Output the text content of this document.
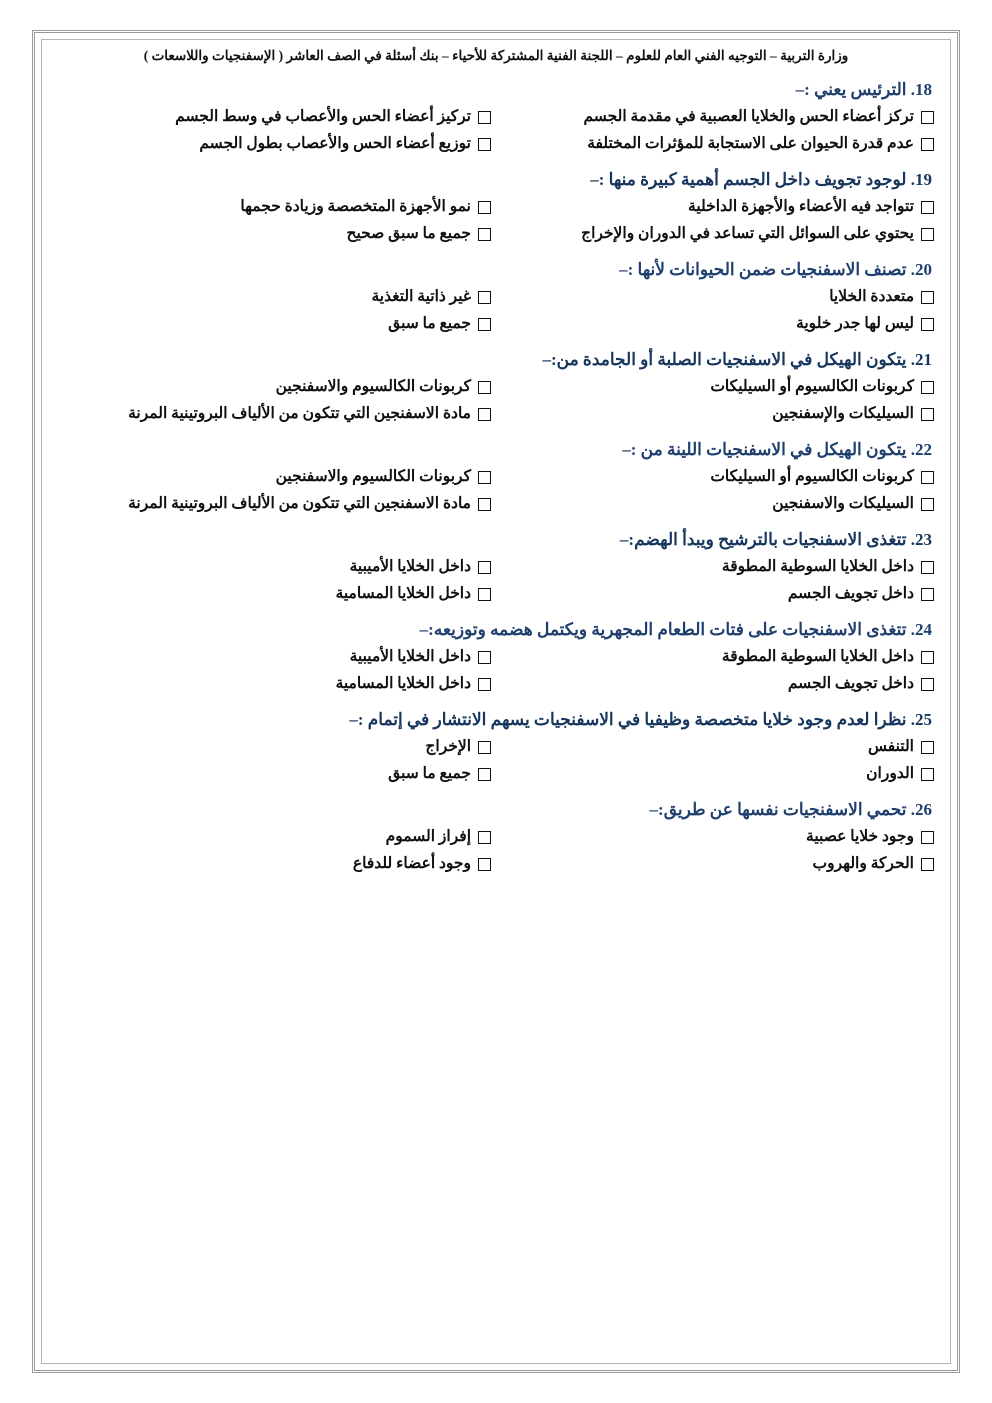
وزارة التربية – التوجيه الفني العام للعلوم – اللجنة الفنية المشتركة للأحياء – بنك أسئلة في الصف العاشر ( الإسفنجيات واللاسعات )
18. الترئيس يعني :–
تركز أعضاء الحس والخلايا العصبية في مقدمة الجسم
تركيز أعضاء الحس والأعصاب في وسط الجسم
عدم قدرة الحيوان على الاستجابة للمؤثرات المختلفة
توزيع أعضاء الحس والأعصاب بطول الجسم
19. لوجود تجويف داخل الجسم أهمية كبيرة منها :–
تتواجد فيه الأعضاء والأجهزة الداخلية
نمو الأجهزة المتخصصة وزيادة حجمها
يحتوي على السوائل التي تساعد في الدوران والإخراج
جميع ما سبق صحيح
20. تصنف الاسفنجيات ضمن الحيوانات لأنها :–
متعددة الخلايا
غير ذاتية التغذية
ليس لها جدر خلوية
جميع ما سبق
21. يتكون الهيكل في الاسفنجيات الصلبة أو الجامدة من:–
كربونات الكالسيوم أو السيليكات
كربونات الكالسيوم والاسفنجين
السيليكات والإسفنجين
مادة الاسفنجين التي تتكون من الألياف البروتينية المرنة
22. يتكون الهيكل في الاسفنجيات اللينة من :–
كربونات الكالسيوم أو السيليكات
كربونات الكالسيوم والاسفنجين
السيليكات والاسفنجين
مادة الاسفنجين التي تتكون من الألياف البروتينية المرنة
23. تتغذى الاسفنجيات بالترشيح ويبدأ الهضم:–
داخل الخلايا السوطية المطوقة
داخل الخلايا الأميبية
داخل تجويف الجسم
داخل الخلايا المسامية
24. تتغذى الاسفنجيات على فتات الطعام المجهرية ويكتمل هضمه وتوزيعه:–
داخل الخلايا السوطية المطوقة
داخل الخلايا الأميبية
داخل تجويف الجسم
داخل الخلايا المسامية
25. نظرا لعدم وجود خلايا متخصصة وظيفيا في الاسفنجيات يسهم الانتشار في إتمام :–
التنفس
الإخراج
الدوران
جميع ما سبق
26. تحمي الاسفنجيات نفسها عن طريق:–
وجود خلايا عصبية
إفراز السموم
الحركة والهروب
وجود أعضاء للدفاع
